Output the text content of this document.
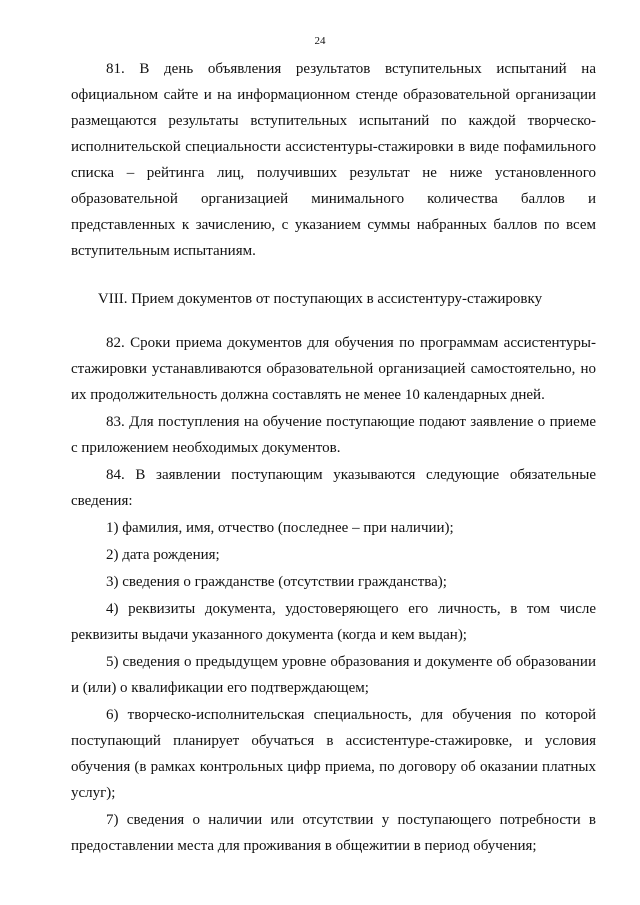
24

81. В день объявления результатов вступительных испытаний на официальном сайте и на информационном стенде образовательной организации размещаются результаты вступительных испытаний по каждой творческо-исполнительской специальности ассистентуры-стажировки в виде пофамильного списка – рейтинга лиц, получивших результат не ниже установленного образовательной организацией минимального количества баллов и представленных к зачислению, с указанием суммы набранных баллов по всем вступительным испытаниям.

VIII. Прием документов от поступающих в ассистентуру-стажировку

82. Сроки приема документов для обучения по программам ассистентуры-стажировки устанавливаются образовательной организацией самостоятельно, но их продолжительность должна составлять не менее 10 календарных дней.

83. Для поступления на обучение поступающие подают заявление о приеме с приложением необходимых документов.

84. В заявлении поступающим указываются следующие обязательные сведения:

1) фамилия, имя, отчество (последнее – при наличии);

2) дата рождения;

3) сведения о гражданстве (отсутствии гражданства);

4) реквизиты документа, удостоверяющего его личность, в том числе реквизиты выдачи указанного документа (когда и кем выдан);

5) сведения о предыдущем уровне образования и документе об образовании и (или) о квалификации его подтверждающем;

6) творческо-исполнительская специальность, для обучения по которой поступающий планирует обучаться в ассистентуре-стажировке, и условия обучения (в рамках контрольных цифр приема, по договору об оказании платных услуг);

7) сведения о наличии или отсутствии у поступающего потребности в предоставлении места для проживания в общежитии в период обучения;
